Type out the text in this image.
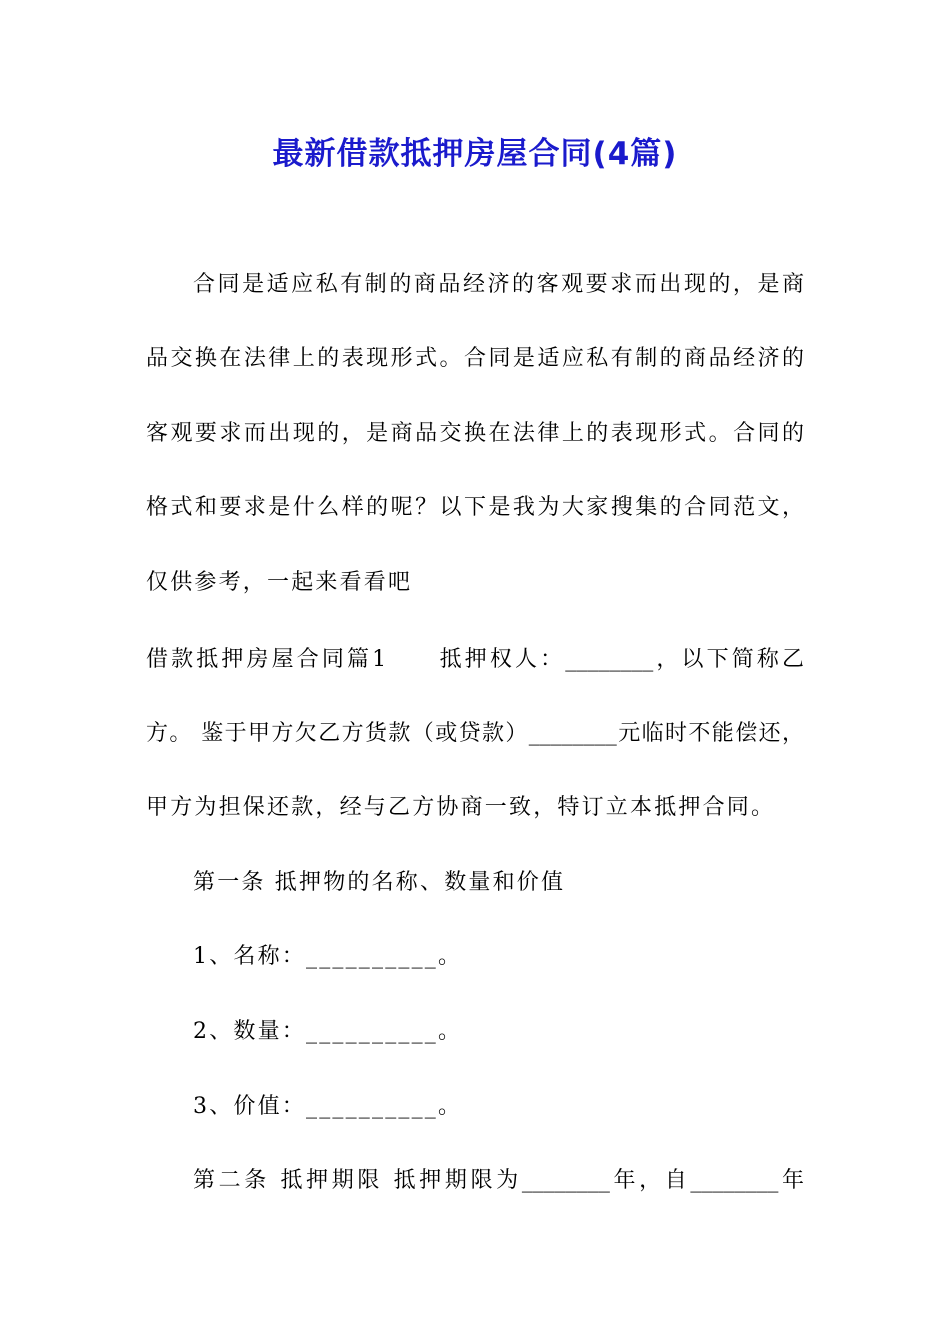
最新借款抵押房屋合同(4篇)
合同是适应私有制的商品经济的客观要求而出现的，是商
品交换在法律上的表现形式。合同是适应私有制的商品经济的
客观要求而出现的，是商品交换在法律上的表现形式。合同的
格式和要求是什么样的呢？以下是我为大家搜集的合同范文，
仅供参考，一起来看看吧
借款抵押房屋合同篇1　　抵押权人：________，以下简称乙
方。 鉴于甲方欠乙方货款（或贷款）________元临时不能偿还，
甲方为担保还款，经与乙方协商一致，特订立本抵押合同。
第一条 抵押物的名称、数量和价值
1、名称：__________。
2、数量：__________。
3、价值：__________。
第二条 抵押期限 抵押期限为________年，自________年
